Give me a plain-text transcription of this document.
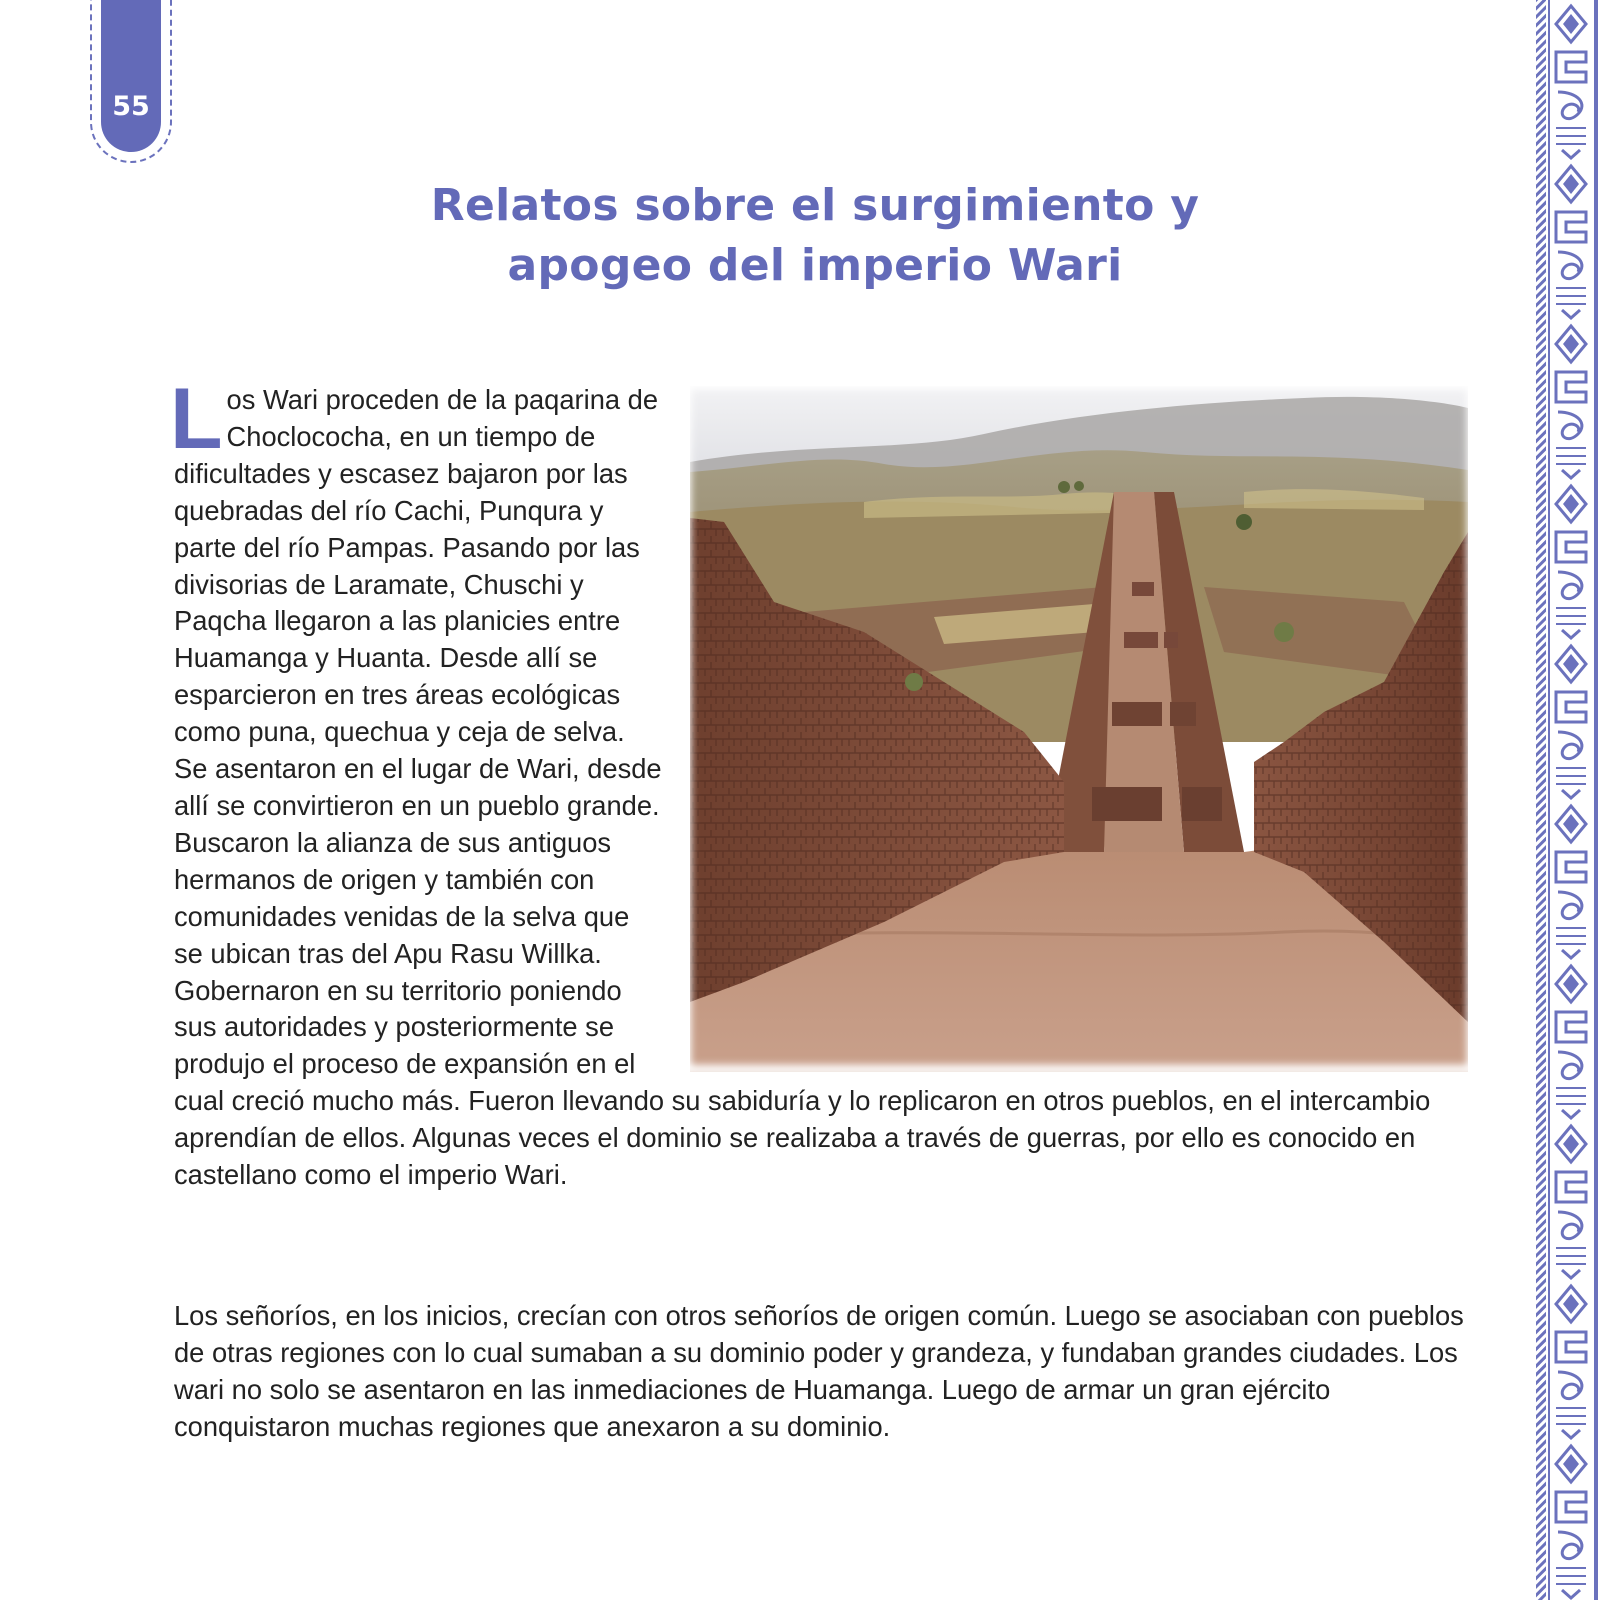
55
Relatos sobre el surgimiento y
apogeo del imperio Wari

Los Wari proceden de la paqarina de Choclococha, en un tiempo de dificultades y escasez bajaron por las quebradas del río Cachi, Punqura y parte del río Pampas. Pasando por las divisorias de Laramate, Chuschi y Paqcha llegaron a las planicies entre Huamanga y Huanta. Desde allí se esparcieron en tres áreas ecológicas como puna, quechua y ceja de selva. Se asentaron en el lugar de Wari, desde allí se convirtieron en un pueblo grande. Buscaron la alianza de sus antiguos hermanos de origen y también con comunidades venidas de la selva que se ubican tras del Apu Rasu Willka. Gobernaron en su territorio poniendo sus autoridades y posteriormente se produjo el proceso de expansión en el cual creció mucho más. Fueron llevando su sabiduría y lo replicaron en otros pueblos, en el intercambio aprendían de ellos. Algunas veces el dominio se realizaba a través de guerras, por ello es conocido en castellano como el imperio Wari.

Los señoríos, en los inicios, crecían con otros señoríos de origen común. Luego se asociaban con pueblos de otras regiones con lo cual sumaban a su dominio poder y grandeza, y fundaban grandes ciudades. Los wari no solo se asentaron en las inmediaciones de Huamanga. Luego de armar un gran ejército conquistaron muchas regiones que anexaron a su dominio.
